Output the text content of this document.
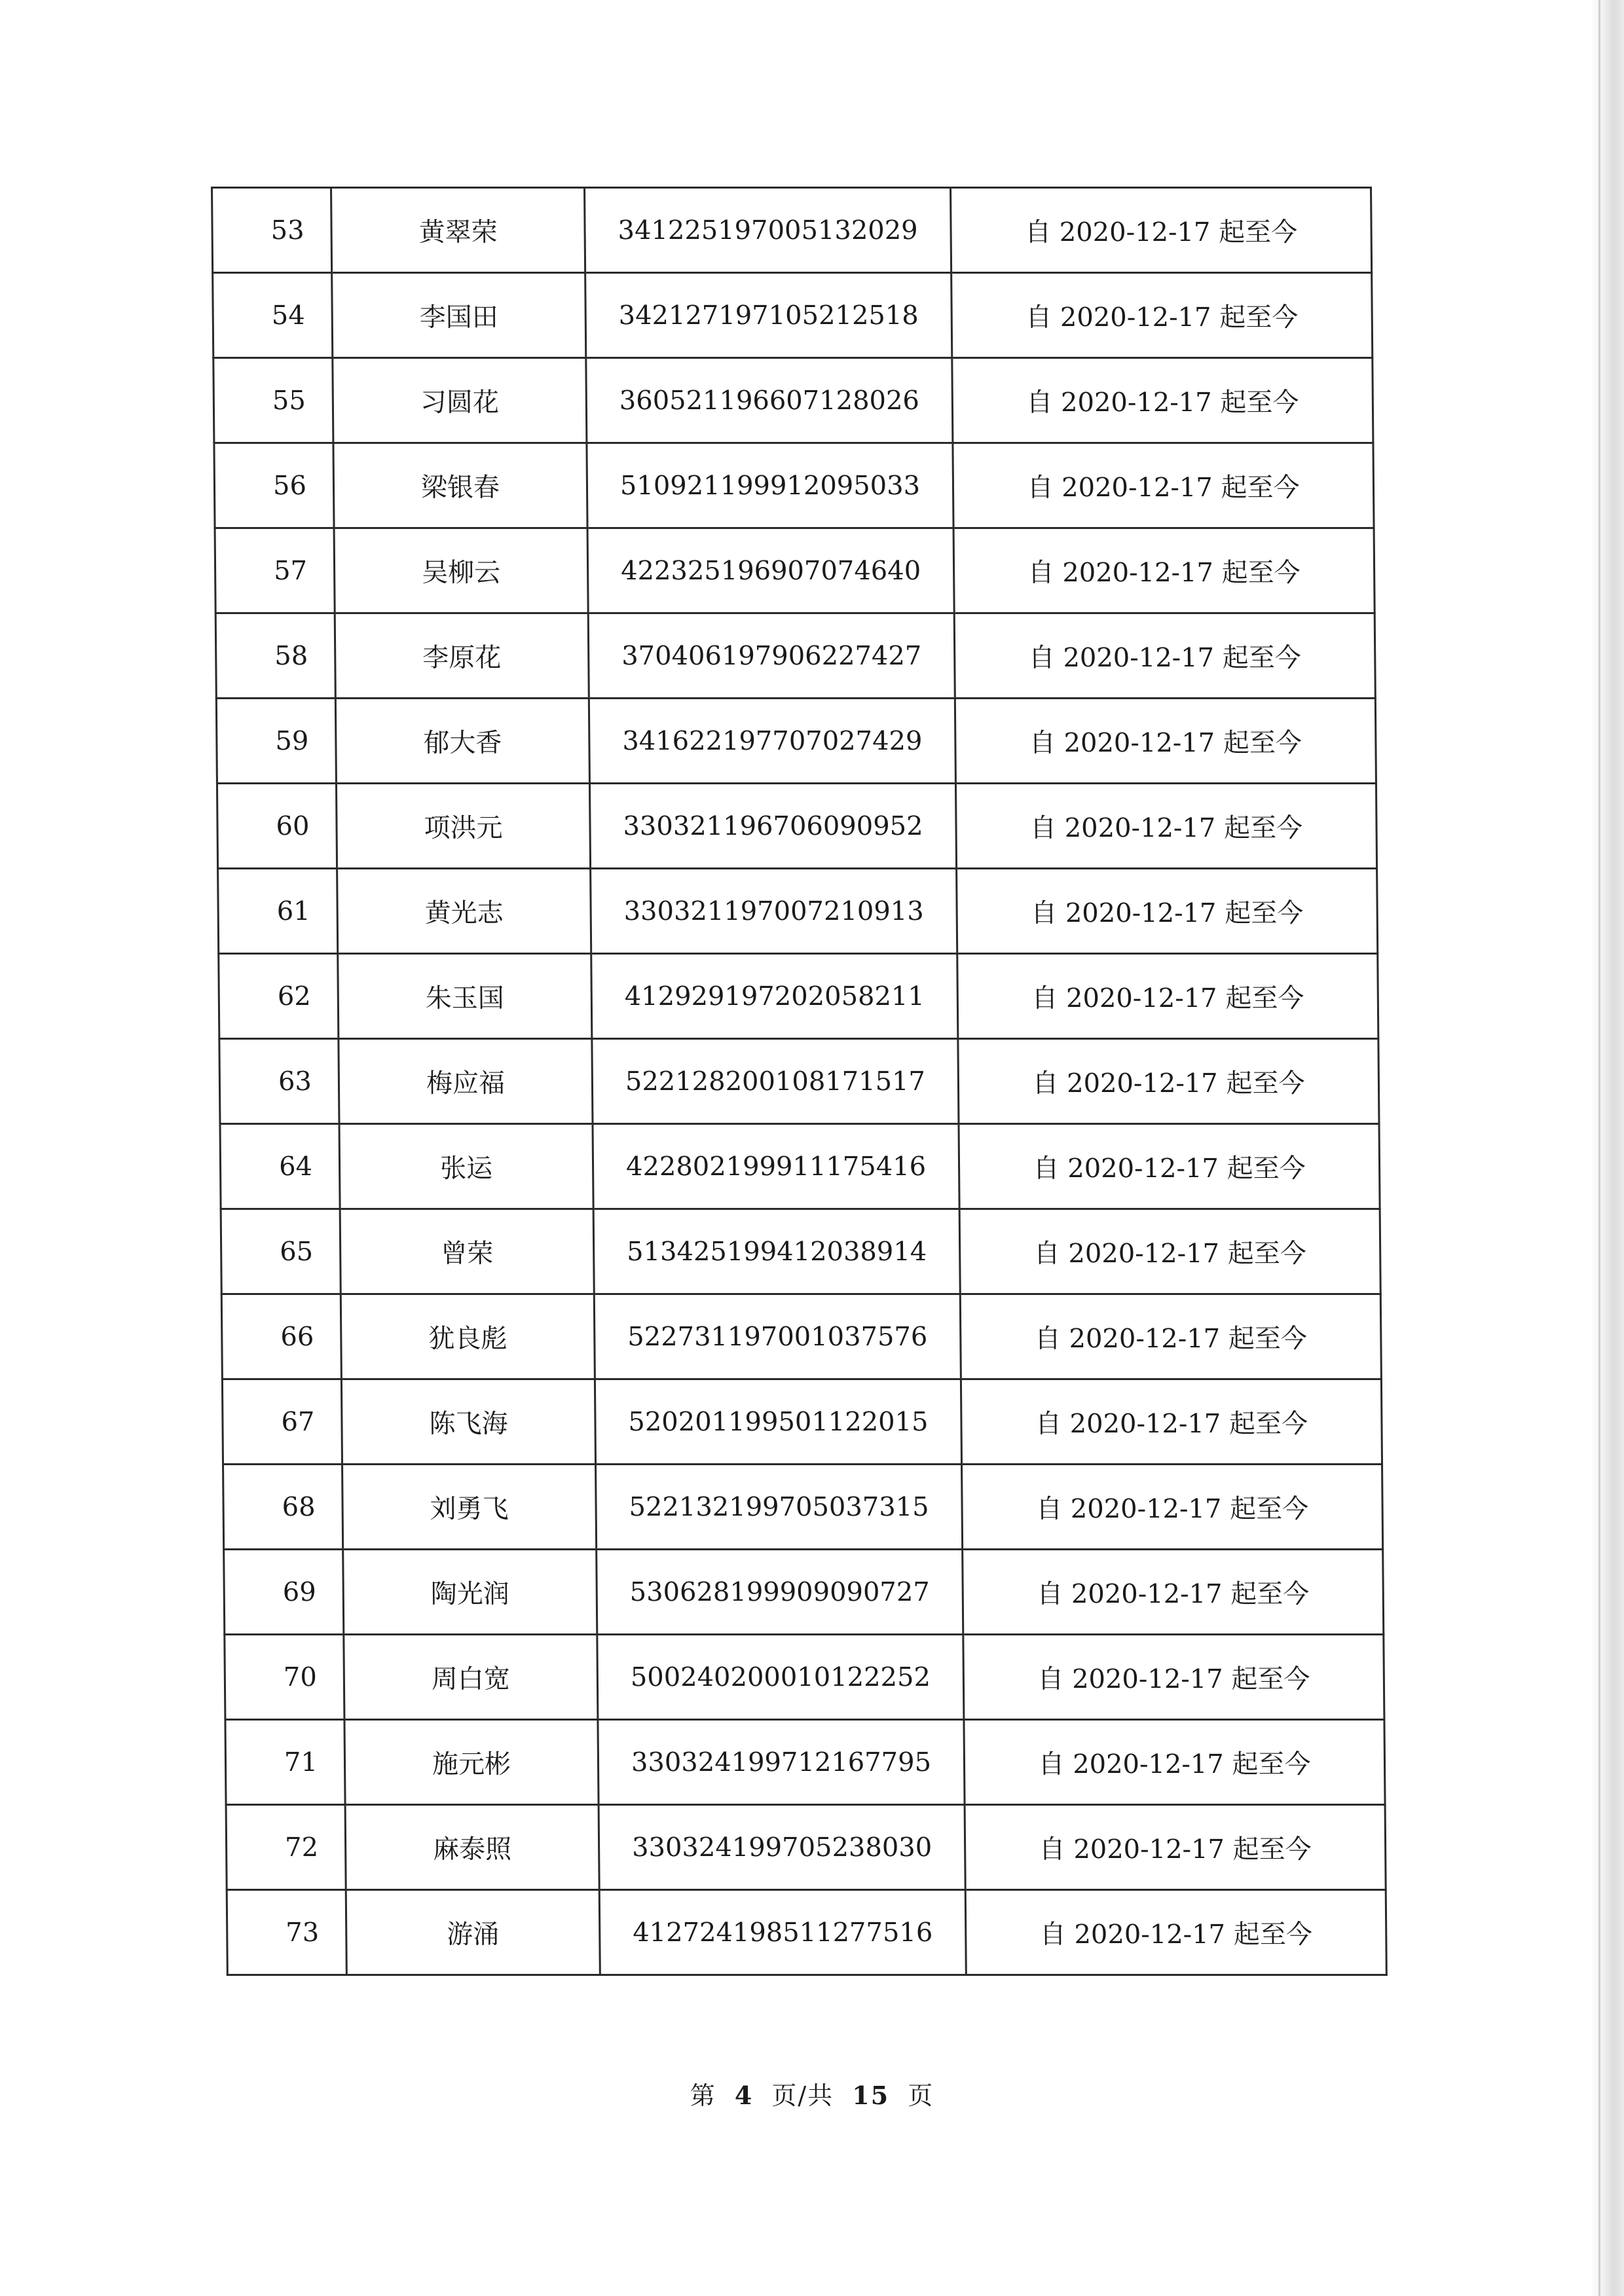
53	黄翠荣	341225197005132029	自 2020-12-17 起至今
54	李国田	342127197105212518	自 2020-12-17 起至今
55	习圆花	360521196607128026	自 2020-12-17 起至今
56	梁银春	510921199912095033	自 2020-12-17 起至今
57	吴柳云	422325196907074640	自 2020-12-17 起至今
58	李原花	370406197906227427	自 2020-12-17 起至今
59	郁大香	341622197707027429	自 2020-12-17 起至今
60	项洪元	330321196706090952	自 2020-12-17 起至今
61	黄光志	330321197007210913	自 2020-12-17 起至今
62	朱玉国	412929197202058211	自 2020-12-17 起至今
63	梅应福	522128200108171517	自 2020-12-17 起至今
64	张运	422802199911175416	自 2020-12-17 起至今
65	曾荣	513425199412038914	自 2020-12-17 起至今
66	犹良彪	522731197001037576	自 2020-12-17 起至今
67	陈飞海	520201199501122015	自 2020-12-17 起至今
68	刘勇飞	522132199705037315	自 2020-12-17 起至今
69	陶光润	530628199909090727	自 2020-12-17 起至今
70	周白宽	500240200010122252	自 2020-12-17 起至今
71	施元彬	330324199712167795	自 2020-12-17 起至今
72	麻泰照	330324199705238030	自 2020-12-17 起至今
73	游涌	412724198511277516	自 2020-12-17 起至今
第 4 页/共 15 页
